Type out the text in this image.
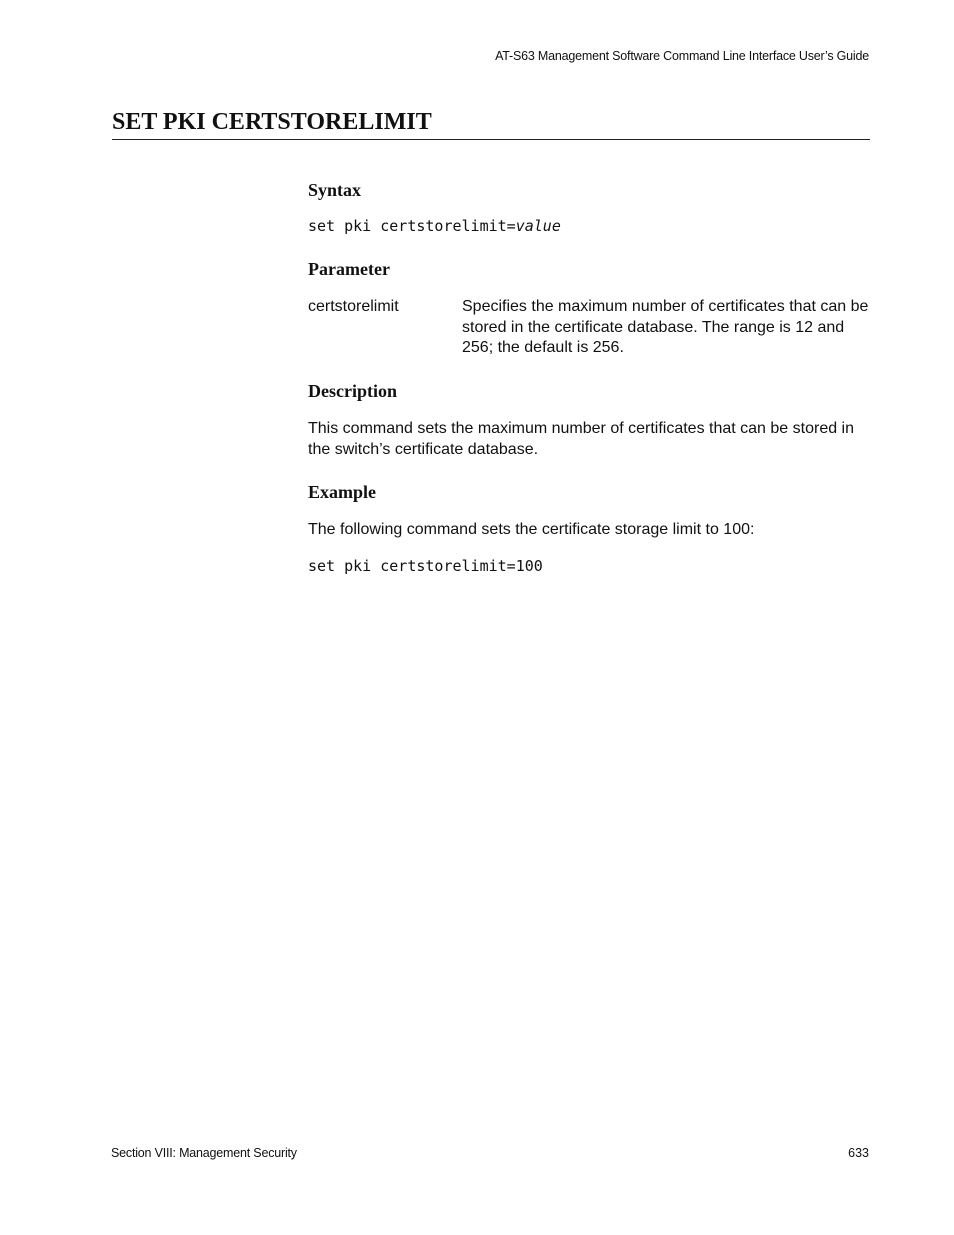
AT-S63 Management Software Command Line Interface User’s Guide
SET PKI CERTSTORELIMIT
Syntax
set pki certstorelimit=value
Parameter
certstorelimit	Specifies the maximum number of certificates that can be stored in the certificate database. The range is 12 and 256; the default is 256.

Description

This command sets the maximum number of certificates that can be stored in the switch’s certificate database.

Example

The following command sets the certificate storage limit to 100:

set pki certstorelimit=100
Section VIII: Management Security	633
